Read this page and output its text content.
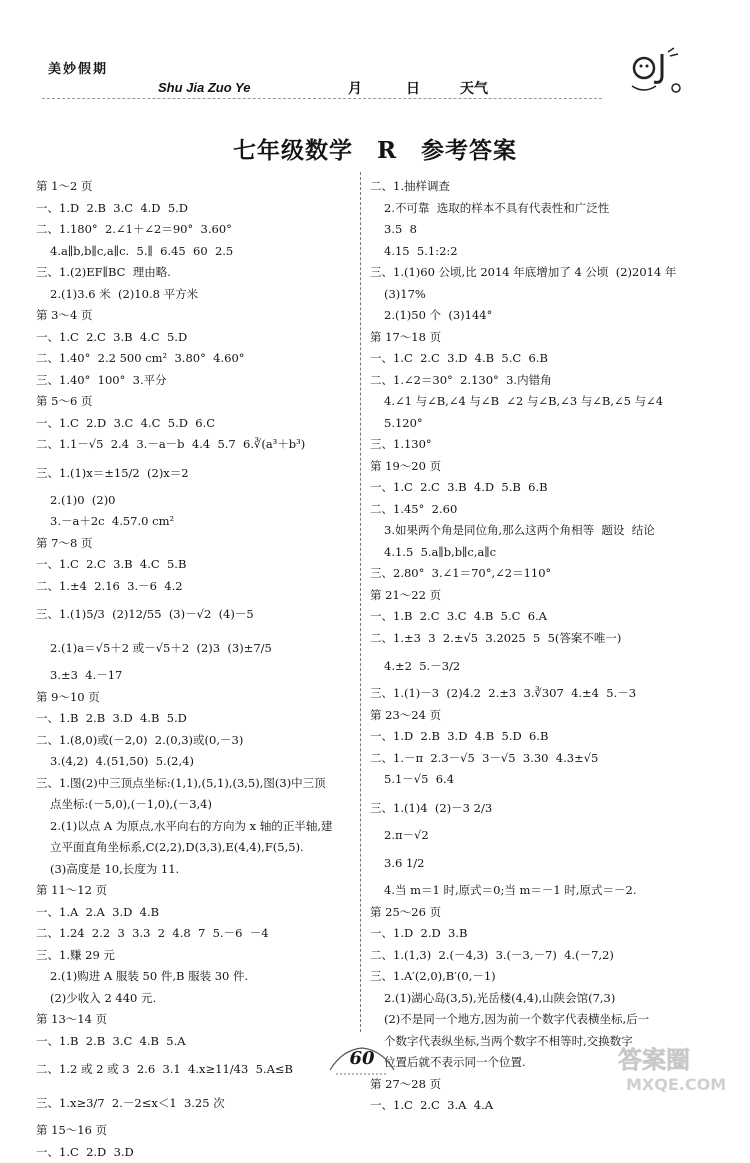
美妙假期
Shu Jia Zuo Ye	月	日	天气
七年级数学　R　参考答案
第 1～2 页
一、1.D  2.B  3.C  4.D  5.D
二、1.180°  2.∠1＋∠2＝90°  3.60°
4.a∥b,b∥c,a∥c.  5.∥  6.45  60  2.5
三、1.(2)EF∥BC  理由略.
2.(1)3.6 米  (2)10.8 平方米
第 3～4 页
一、1.C  2.C  3.B  4.C  5.D
二、1.40°  2.2 500 cm²  3.80°  4.60°
三、1.40°  100°  3.平分
第 5～6 页
一、1.C  2.D  3.C  4.C  5.D  6.C
二、1.1－√5  2.4  3.－a－b  4.4  5.7  6.∛(a³＋b³)
三、1.(1)x＝±15/2  (2)x＝2
2.(1)0  (2)0
3.－a＋2c  4.57.0 cm²
第 7～8 页
一、1.C  2.C  3.B  4.C  5.B
二、1.±4  2.16  3.－6  4.2
三、1.(1)5/3  (2)12/55  (3)－√2  (4)－5
2.(1)a＝√5＋2 或－√5＋2  (2)3  (3)±7/5
3.±3  4.－17
第 9～10 页
一、1.B  2.B  3.D  4.B  5.D
二、1.(8,0)或(－2,0)  2.(0,3)或(0,－3)
3.(4,2)  4.(51,50)  5.(2,4)
三、1.图(2)中三顶点坐标:(1,1),(5,1),(3,5),图(3)中三顶
点坐标:(－5,0),(－1,0),(－3,4)
2.(1)以点 A 为原点,水平向右的方向为 x 轴的正半轴,建
立平面直角坐标系,C(2,2),D(3,3),E(4,4),F(5,5).
(3)高度是 10,长度为 11.
第 11～12 页
一、1.A  2.A  3.D  4.B
二、1.24  2.2  3  3.3  2  4.8  7  5.－6  －4
三、1.赚 29 元
2.(1)购进 A 服装 50 件,B 服装 30 件.
(2)少收入 2 440 元.
第 13～14 页
一、1.B  2.B  3.C  4.B  5.A
二、1.2 或 2 或 3  2.6  3.1  4.x≥11/43  5.A≤B
三、1.x≥3/7  2.－2≤x＜1  3.25 次
第 15～16 页
一、1.C  2.D  3.D
二、1.抽样调查
2.不可靠  选取的样本不具有代表性和广泛性
3.5  8
4.15  5.1:2:2
三、1.(1)60 公顷,比 2014 年底增加了 4 公顷  (2)2014 年
(3)17%
2.(1)50 个  (3)144°
第 17～18 页
一、1.C  2.C  3.D  4.B  5.C  6.B
二、1.∠2＝30°  2.130°  3.内错角
4.∠1 与∠B,∠4 与∠B  ∠2 与∠B,∠3 与∠B,∠5 与∠4
5.120°
三、1.130°
第 19～20 页
一、1.C  2.C  3.B  4.D  5.B  6.B
二、1.45°  2.60
3.如果两个角是同位角,那么这两个角相等  题设  结论
4.1.5  5.a∥b,b∥c,a∥c
三、2.80°  3.∠1＝70°,∠2＝110°
第 21～22 页
一、1.B  2.C  3.C  4.B  5.C  6.A
二、1.±3  3  2.±√5  3.2025  5  5(答案不唯一)
4.±2  5.－3/2
三、1.(1)－3  (2)4.2  2.±3  3.∛307  4.±4  5.－3
第 23～24 页
一、1.D  2.B  3.D  4.B  5.D  6.B
二、1.－π  2.3－√5  3－√5  3.30  4.3±√5
5.1－√5  6.4
三、1.(1)4  (2)－3 2/3
2.π－√2
3.6 1/2
4.当 m＝1 时,原式＝0;当 m＝－1 时,原式＝－2.
第 25～26 页
一、1.D  2.D  3.B
二、1.(1,3)  2.(－4,3)  3.(－3,－7)  4.(－7,2)
三、1.A′(2,0),B′(0,－1)
2.(1)湖心岛(3,5),光岳楼(4,4),山陕会馆(7,3)
(2)不是同一个地方,因为前一个数字代表横坐标,后一
个数字代表纵坐标,当两个数字不相等时,交换数字
位置后就不表示同一个位置.
第 27～28 页
一、1.C  2.C  3.A  4.A
60	答案圈
MXQE.COM
